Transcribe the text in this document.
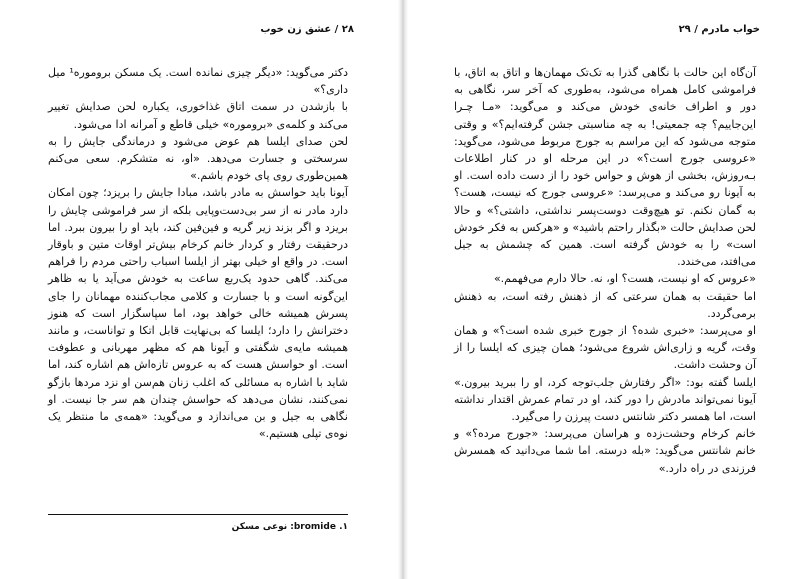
۲۸ / عشق زن خوب

دکتر می‌گوید: «دیگر چیزی نمانده است. یک مسکن بروموره¹ میل داری؟»

با بازشدن در سمت اتاق غذاخوری، یکباره لحن صدایش تغییر می‌کند و کلمه‌ی «بروموره» خیلی قاطع و آمرانه ادا می‌شود.

لحن صدای ایلسا هم عوض می‌شود و درماندگی جایش را به سرسختی و جسارت می‌دهد. «او، نه متشکرم. سعی می‌کنم همین‌طوری روی پای خودم باشم.»

آیونا باید حواسش به مادر باشد، مبادا جایش را بریزد؛ چون امکان دارد مادر نه از سر بی‌دست‌وپایی بلکه از سر فراموشی چایش را بریزد و اگر بزند زیر گریه و فین‌فین کند، باید او را بیرون ببرد. اما درحقیقت رفتار و کردار خانم کرخام بیش‌تر اوقات متین و باوقار است. در واقع او خیلی بهتر از ایلسا اسباب راحتی مردم را فراهم می‌کند. گاهی حدود یک‌ربع ساعت به خودش می‌آید یا به ظاهر این‌گونه است و با جسارت و کلامی مجاب‌کننده مهمانان را جای پسرش همیشه خالی خواهد بود، اما سپاسگزار است که هنوز دخترانش را دارد؛ ایلسا که بی‌نهایت قابل اتکا و تواناست، و مانند همیشه مایه‌ی شگفتی و آیونا هم که مظهر مهربانی و عطوفت است. او حواسش هست که به عروس تازه‌اش هم اشاره کند، اما شاید با اشاره به مسائلی که اغلب زنان هم‌سن او نزد مردها بازگو نمی‌کنند، نشان می‌دهد که حواسش چندان هم سر جا نیست. او نگاهی به جیل و بن می‌اندازد و می‌گوید: «همه‌ی ما منتظر یک نوه‌ی تپلی هستیم.»

۱. bromide: نوعی مسکن
خواب مادرم / ۲۹

آن‌گاه این حالت با نگاهی گذرا به تک‌تک مهمان‌ها و اتاق به اتاق، با فراموشی کامل همراه می‌شود، به‌طوری که آخر سر، نگاهی به دور و اطراف خانه‌ی خودش می‌کند و می‌گوید: «مـا چـرا این‌جاییم؟ چه جمعیتی! به چه مناسبتی جشن گرفته‌ایم؟» و وقتی متوجه می‌شود که این مراسم به جورج مربوط می‌شود، می‌گوید: «عروسی جورج است؟» در این مرحله او در کنار اطلاعات بـه‌روزش، بخشی از هوش و حواس خود را از دست داده است. او به آیونا رو می‌کند و می‌پرسد: «عروسی جورج که نیست، هست؟ به گمان نکنم. تو هیچ‌وقت دوست‌پسر نداشتی، داشتی؟» و حالا لحن صدایش حالت «بگذار راحتم باشید» و «هرکس به فکر خودش است» را به خودش گرفته است. همین که چشمش به جیل می‌افتد، می‌خندد.

«عروس که او نیست، هست؟ او، نه. حالا دارم می‌فهمم.»

اما حقیقت به همان سرعتی که از ذهنش رفته است، به ذهنش برمی‌گردد.

او می‌پرسد: «خبری شده؟ از جورج خبری شده است؟» و همان وقت، گریه و زاری‌اش شروع می‌شود؛ همان چیزی که ایلسا را از آن وحشت داشت.

ایلسا گفته بود: «اگر رفتارش جلب‌توجه کرد، او را ببرید بیرون.» آیونا نمی‌تواند مادرش را دور کند، او در تمام عمرش اقتدار نداشته است، اما همسر دکتر شانتس دست پیرزن را می‌گیرد.

خانم کرخام وحشت‌زده و هراسان می‌پرسد: «جورج مرده؟» و خانم شانتس می‌گوید: «بله درسته. اما شما می‌دانید که همسرش فرزندی در راه دارد.»
